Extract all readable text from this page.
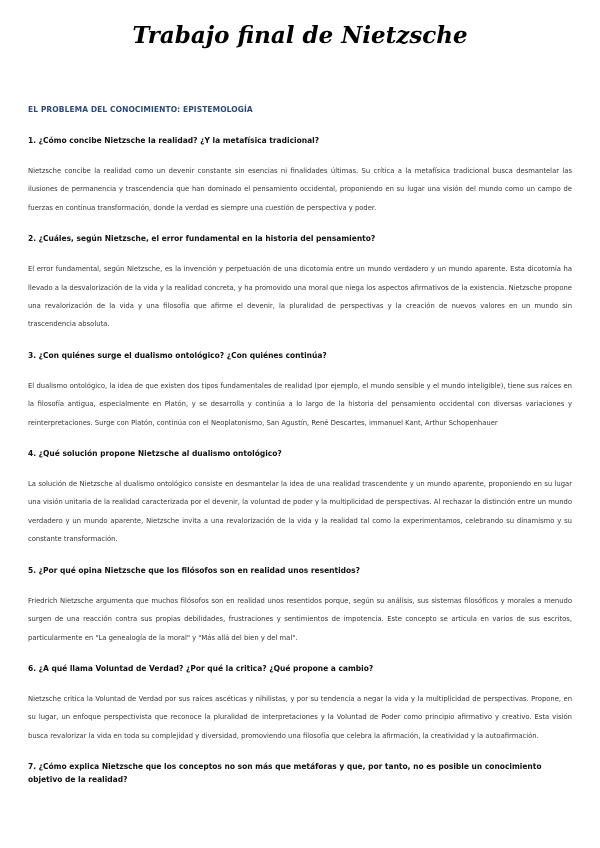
Trabajo final de Nietzsche
EL PROBLEMA DEL CONOCIMIENTO: EPISTEMOLOGÍA
1. ¿Cómo concibe Nietzsche la realidad? ¿Y la metafísica tradicional?
Nietzsche concibe la realidad como un devenir constante sin esencias ni finalidades últimas. Su crítica a la metafísica tradicional busca desmantelar las ilusiones de permanencia y trascendencia que han dominado el pensamiento occidental, proponiendo en su lugar una visión del mundo como un campo de fuerzas en continua transformación, donde la verdad es siempre una cuestión de perspectiva y poder.
2. ¿Cuáles, según Nietzsche, el error fundamental en la historia del pensamiento?
El error fundamental, según Nietzsche, es la invención y perpetuación de una dicotomía entre un mundo verdadero y un mundo aparente. Esta dicotomía ha llevado a la desvalorización de la vida y la realidad concreta, y ha promovido una moral que niega los aspectos afirmativos de la existencia. Nietzsche propone una revalorización de la vida y una filosofía que afirme el devenir, la pluralidad de perspectivas y la creación de nuevos valores en un mundo sin trascendencia absoluta.
3. ¿Con quiénes surge el dualismo ontológico? ¿Con quiénes continúa?
El dualismo ontológico, la idea de que existen dos tipos fundamentales de realidad (por ejemplo, el mundo sensible y el mundo inteligible), tiene sus raíces en la filosofía antigua, especialmente en Platón, y se desarrolla y continúa a lo largo de la historia del pensamiento occidental con diversas variaciones y reinterpretaciones. Surge con Platón, continúa con el Neoplatonismo, San Agustín, René Descartes, immanuel Kant, Arthur Schopenhauer
4. ¿Qué solución propone Nietzsche al dualismo ontológico?
La solución de Nietzsche al dualismo ontológico consiste en desmantelar la idea de una realidad trascendente y un mundo aparente, proponiendo en su lugar una visión unitaria de la realidad caracterizada por el devenir, la voluntad de poder y la multiplicidad de perspectivas. Al rechazar la distinción entre un mundo verdadero y un mundo aparente, Nietzsche invita a una revalorización de la vida y la realidad tal como la experimentamos, celebrando su dinamismo y su constante transformación.
5. ¿Por qué opina Nietzsche que los filósofos son en realidad unos resentidos?
Friedrich Nietzsche argumenta que muchos filósofos son en realidad unos resentidos porque, según su análisis, sus sistemas filosóficos y morales a menudo surgen de una reacción contra sus propias debilidades, frustraciones y sentimientos de impotencia. Este concepto se articula en varios de sus escritos, particularmente en "La genealogía de la moral" y "Más allá del bien y del mal".
6. ¿A qué llama Voluntad de Verdad? ¿Por qué la critica? ¿Qué propone a cambio?
Nietzsche critica la Voluntad de Verdad por sus raíces ascéticas y nihilistas, y por su tendencia a negar la vida y la multiplicidad de perspectivas. Propone, en su lugar, un enfoque perspectivista que reconoce la pluralidad de interpretaciones y la Voluntad de Poder como principio afirmativo y creativo. Esta visión busca revalorizar la vida en toda su complejidad y diversidad, promoviendo una filosofía que celebra la afirmación, la creatividad y la autoafirmación.
7. ¿Cómo explica Nietzsche que los conceptos no son más que metáforas y que, por tanto, no es posible un conocimiento objetivo de la realidad?
